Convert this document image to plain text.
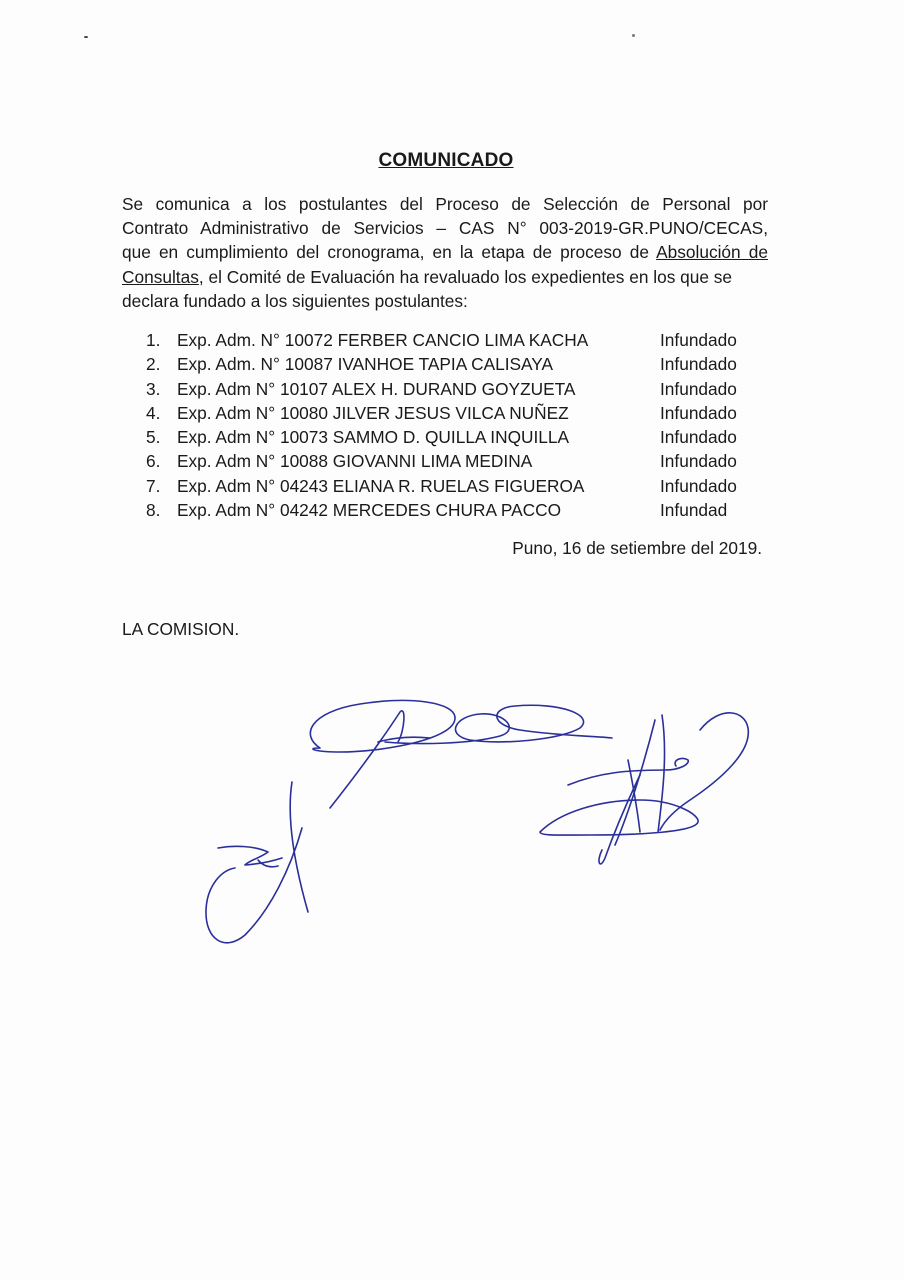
COMUNICADO
Se comunica a los postulantes del Proceso de Selección de Personal por
Contrato Administrativo de Servicios – CAS N° 003-2019-GR.PUNO/CECAS,
que en cumplimiento del cronograma, en la etapa de proceso de Absolución de
Consultas, el Comité de Evaluación ha revaluado los expedientes en los que se
declara fundado a los siguientes postulantes:
1. Exp. Adm. N° 10072 FERBER CANCIO LIMA KACHA	Infundado
2. Exp. Adm. N° 10087 IVANHOE TAPIA CALISAYA	Infundado
3. Exp. Adm N° 10107 ALEX H. DURAND GOYZUETA	Infundado
4. Exp. Adm N° 10080 JILVER JESUS VILCA NUÑEZ	Infundado
5. Exp. Adm N° 10073 SAMMO D. QUILLA INQUILLA	Infundado
6. Exp. Adm N° 10088 GIOVANNI LIMA MEDINA	Infundado
7. Exp. Adm N° 04243 ELIANA R. RUELAS FIGUEROA	Infundado
8. Exp. Adm N° 04242 MERCEDES CHURA PACCO	Infundad
Puno, 16 de setiembre del 2019.
LA COMISION.
